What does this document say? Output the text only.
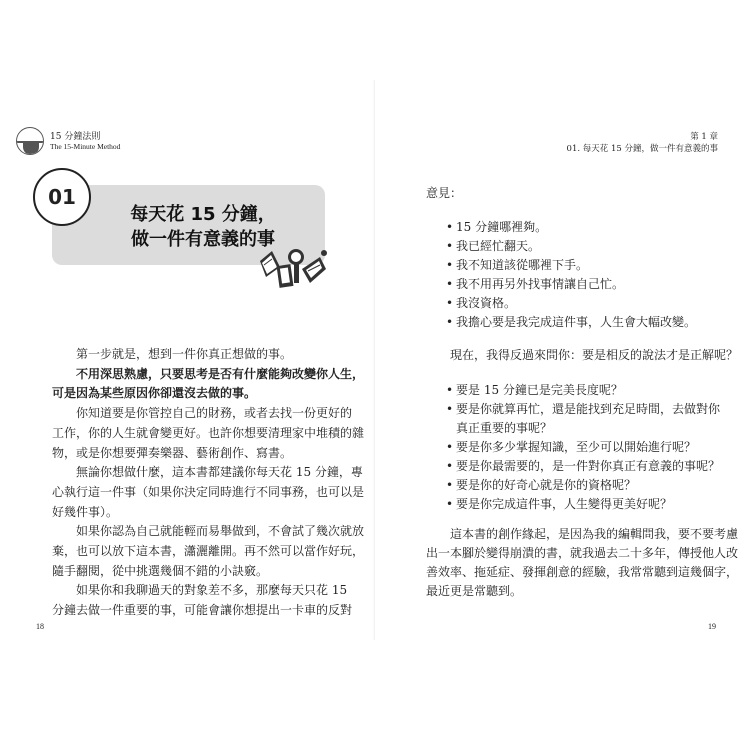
15 分鐘法則
The 15-Minute Method
01
每天花 15 分鐘，
做一件有意義的事

第一步就是，想到一件你真正想做的事。

不用深思熟慮，只要思考是否有什麼能夠改變你人生，

可是因為某些原因你卻還沒去做的事。

你知道要是你管控自己的財務，或者去找一份更好的

工作，你的人生就會變更好。也許你想要清理家中堆積的雜

物，或是你想要彈奏樂器、藝術創作、寫書。

無論你想做什麼，這本書都建議你每天花 15 分鐘，專

心執行這一件事（如果你決定同時進行不同事務，也可以是

好幾件事）。

如果你認為自己就能輕而易舉做到，不會試了幾次就放

棄，也可以放下這本書，瀟灑離開。再不然可以當作好玩，

隨手翻閱，從中挑選幾個不錯的小訣竅。

如果你和我聊過天的對象差不多，那麼每天只花 15

分鐘去做一件重要的事，可能會讓你想提出一卡車的反對

18
第 1 章
01. 每天花 15 分鐘，做一件有意義的事
19

意見：

• 15 分鐘哪裡夠。
• 我已經忙翻天。
• 我不知道該從哪裡下手。
• 我不用再另外找事情讓自己忙。
• 我沒資格。
• 我擔心要是我完成這件事，人生會大幅改變。

現在，我得反過來問你：要是相反的說法才是正解呢？

• 要是 15 分鐘已是完美長度呢？
• 要是你就算再忙，還是能找到充足時間，去做對你
真正重要的事呢？
• 要是你多少掌握知識，至少可以開始進行呢？
• 要是你最需要的，是一件對你真正有意義的事呢？
• 要是你的好奇心就是你的資格呢？
• 要是你完成這件事，人生變得更美好呢？

這本書的創作緣起，是因為我的編輯問我，要不要考慮

出一本腳於變得崩潰的書，就我過去二十多年，傳授他人改

善效率、拖延症、發揮創意的經驗，我常常聽到這幾個字，

最近更是常聽到。
